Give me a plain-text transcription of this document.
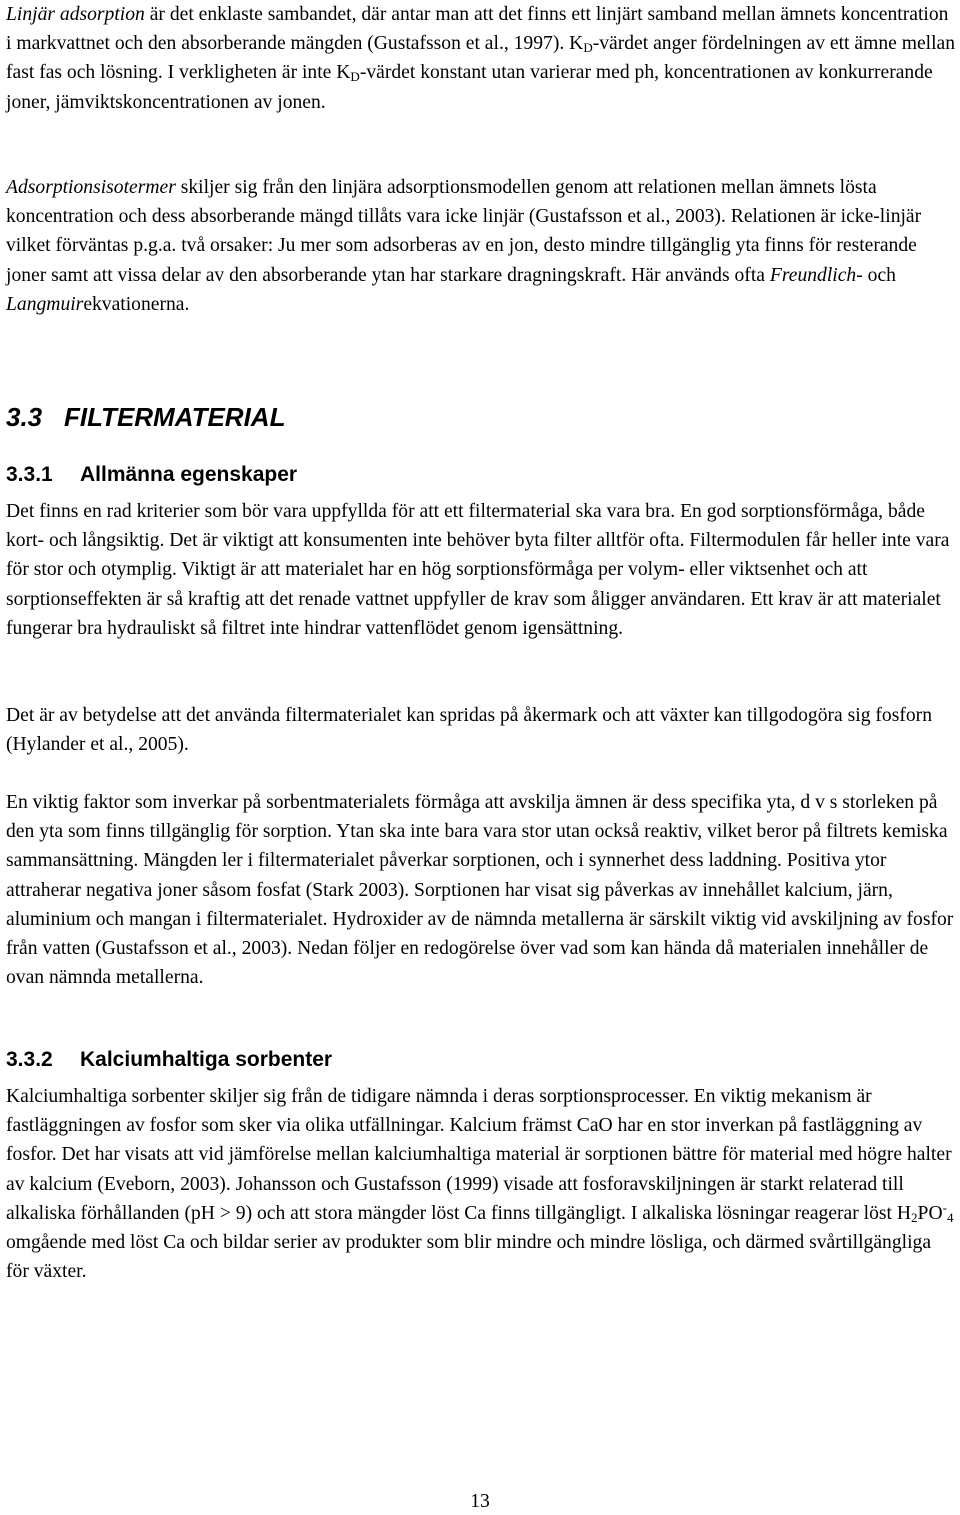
Linjär adsorption är det enklaste sambandet, där antar man att det finns ett linjärt samband mellan ämnets koncentration i markvattnet och den absorberande mängden (Gustafsson et al., 1997). $K_D$-värdet anger fördelningen av ett ämne mellan fast fas och lösning. I verkligheten är inte $K_D$-värdet konstant utan varierar med ph, koncentrationen av konkurrerande joner, jämviktskoncentrationen av jonen.

Adsorptionsisotermer skiljer sig från den linjära adsorptionsmodellen genom att relationen mellan ämnets lösta koncentration och dess absorberande mängd tillåts vara icke linjär (Gustafsson et al., 2003). Relationen är icke-linjär vilket förväntas p.g.a. två orsaker: Ju mer som adsorberas av en jon, desto mindre tillgänglig yta finns för resterande joner samt att vissa delar av den absorberande ytan har starkare dragningskraft. Här används ofta Freundlich- och Langmuirekvationerna.

3.3 FILTERMATERIAL
3.3.1 Allmänna egenskaper

Det finns en rad kriterier som bör vara uppfyllda för att ett filtermaterial ska vara bra. En god sorptionsförmåga, både kort- och långsiktig. Det är viktigt att konsumenten inte behöver byta filter alltför ofta. Filtermodulen får heller inte vara för stor och otymplig. Viktigt är att materialet har en hög sorptionsförmåga per volym- eller viktsenhet och att sorptionseffekten är så kraftig att det renade vattnet uppfyller de krav som åligger användaren. Ett krav är att materialet fungerar bra hydrauliskt så filtret inte hindrar vattenflödet genom igensättning.

Det är av betydelse att det använda filtermaterialet kan spridas på åkermark och att växter kan tillgodogöra sig fosforn (Hylander et al., 2005).

En viktig faktor som inverkar på sorbentmaterialets förmåga att avskilja ämnen är dess specifika yta, d v s storleken på den yta som finns tillgänglig för sorption. Ytan ska inte bara vara stor utan också reaktiv, vilket beror på filtrets kemiska sammansättning. Mängden ler i filtermaterialet påverkar sorptionen, och i synnerhet dess laddning. Positiva ytor attraherar negativa joner såsom fosfat (Stark 2003). Sorptionen har visat sig påverkas av innehållet kalcium, järn, aluminium och mangan i filtermaterialet. Hydroxider av de nämnda metallerna är särskilt viktig vid avskiljning av fosfor från vatten (Gustafsson et al., 2003). Nedan följer en redogörelse över vad som kan hända då materialen innehåller de ovan nämnda metallerna.

3.3.2 Kalciumhaltiga sorbenter

Kalciumhaltiga sorbenter skiljer sig från de tidigare nämnda i deras sorptionsprocesser. En viktig mekanism är fastläggningen av fosfor som sker via olika utfällningar. Kalcium främst CaO har en stor inverkan på fastläggning av fosfor. Det har visats att vid jämförelse mellan kalciumhaltiga material är sorptionen bättre för material med högre halter av kalcium (Eveborn, 2003). Johansson och Gustafsson (1999) visade att fosforavskiljningen är starkt relaterad till alkaliska förhållanden (pH > 9) och att stora mängder löst Ca finns tillgängligt. I alkaliska lösningar reagerar löst $H_2PO^-_4$ omgående med löst Ca och bildar serier av produkter som blir mindre och mindre lösliga, och därmed svårtillgängliga för växter.

13
